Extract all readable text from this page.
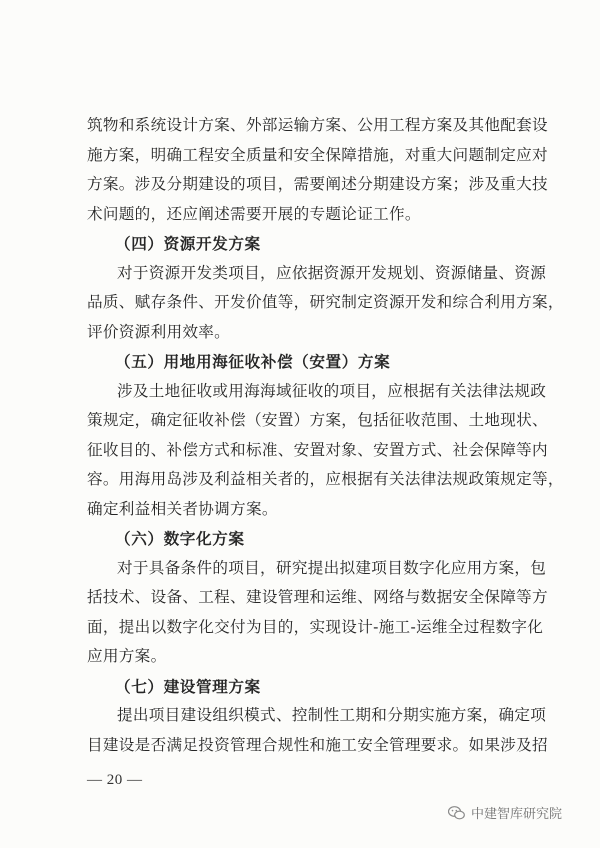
筑物和系统设计方案、外部运输方案、公用工程方案及其他配套设
施方案，明确工程安全质量和安全保障措施，对重大问题制定应对
方案。涉及分期建设的项目，需要阐述分期建设方案；涉及重大技
术问题的，还应阐述需要开展的专题论证工作。
（四）资源开发方案
对于资源开发类项目，应依据资源开发规划、资源储量、资源
品质、赋存条件、开发价值等，研究制定资源开发和综合利用方案，
评价资源利用效率。
（五）用地用海征收补偿（安置）方案
涉及土地征收或用海海域征收的项目，应根据有关法律法规政
策规定，确定征收补偿（安置）方案，包括征收范围、土地现状、
征收目的、补偿方式和标准、安置对象、安置方式、社会保障等内
容。用海用岛涉及利益相关者的，应根据有关法律法规政策规定等，
确定利益相关者协调方案。
（六）数字化方案
对于具备条件的项目，研究提出拟建项目数字化应用方案，包
括技术、设备、工程、建设管理和运维、网络与数据安全保障等方
面，提出以数字化交付为目的，实现设计-施工-运维全过程数字化
应用方案。
（七）建设管理方案
提出项目建设组织模式、控制性工期和分期实施方案，确定项
目建设是否满足投资管理合规性和施工安全管理要求。如果涉及招
— 20 —
中建智库研究院
